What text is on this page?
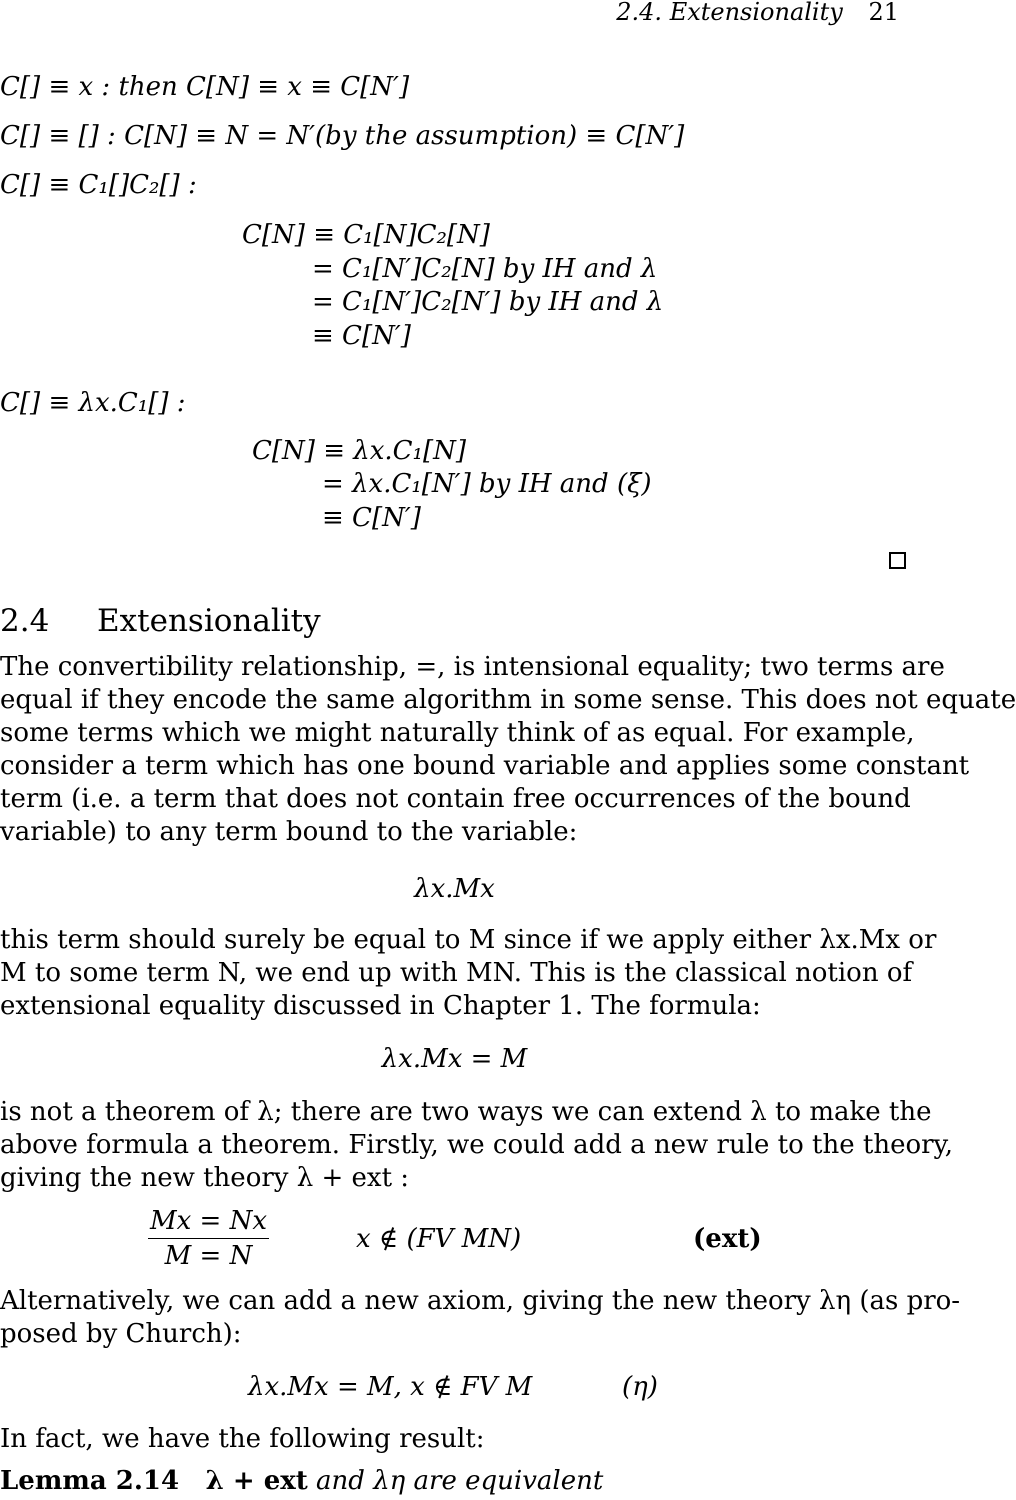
2.4. Extensionality 21
C[] ≡ x : then C[N] ≡ x ≡ C[N′]
C[] ≡ [] : C[N] ≡ N = N′(by the assumption) ≡ C[N′]
C[] ≡ C₁[]C₂[] :
C[N] ≡ C₁[N]C₂[N]
= C₁[N′]C₂[N] by IH and λ
= C₁[N′]C₂[N′] by IH and λ
≡ C[N′]
C[] ≡ λx.C₁[] :
C[N] ≡ λx.C₁[N]
= λx.C₁[N′] by IH and (ξ)
≡ C[N′]
2.4 Extensionality
The convertibility relationship, =, is intensional equality; two terms are
equal if they encode the same algorithm in some sense. This does not equate
some terms which we might naturally think of as equal. For example,
consider a term which has one bound variable and applies some constant
term (i.e. a term that does not contain free occurrences of the bound
variable) to any term bound to the variable:
λx.Mx
this term should surely be equal to M since if we apply either λx.Mx or
M to some term N, we end up with MN. This is the classical notion of
extensional equality discussed in Chapter 1. The formula:
λx.Mx = M
is not a theorem of λ; there are two ways we can extend λ to make the
above formula a theorem. Firstly, we could add a new rule to the theory,
giving the new theory λ + ext :
$\frac{Mx = Nx}{M = N}$	x ∉ (FV MN)	(ext)
Alternatively, we can add a new axiom, giving the new theory λη (as pro-
posed by Church):
λx.Mx = M, x ∉ FV M	(η)
In fact, we have the following result:
Lemma 2.14 λ + ext and λη are equivalent
